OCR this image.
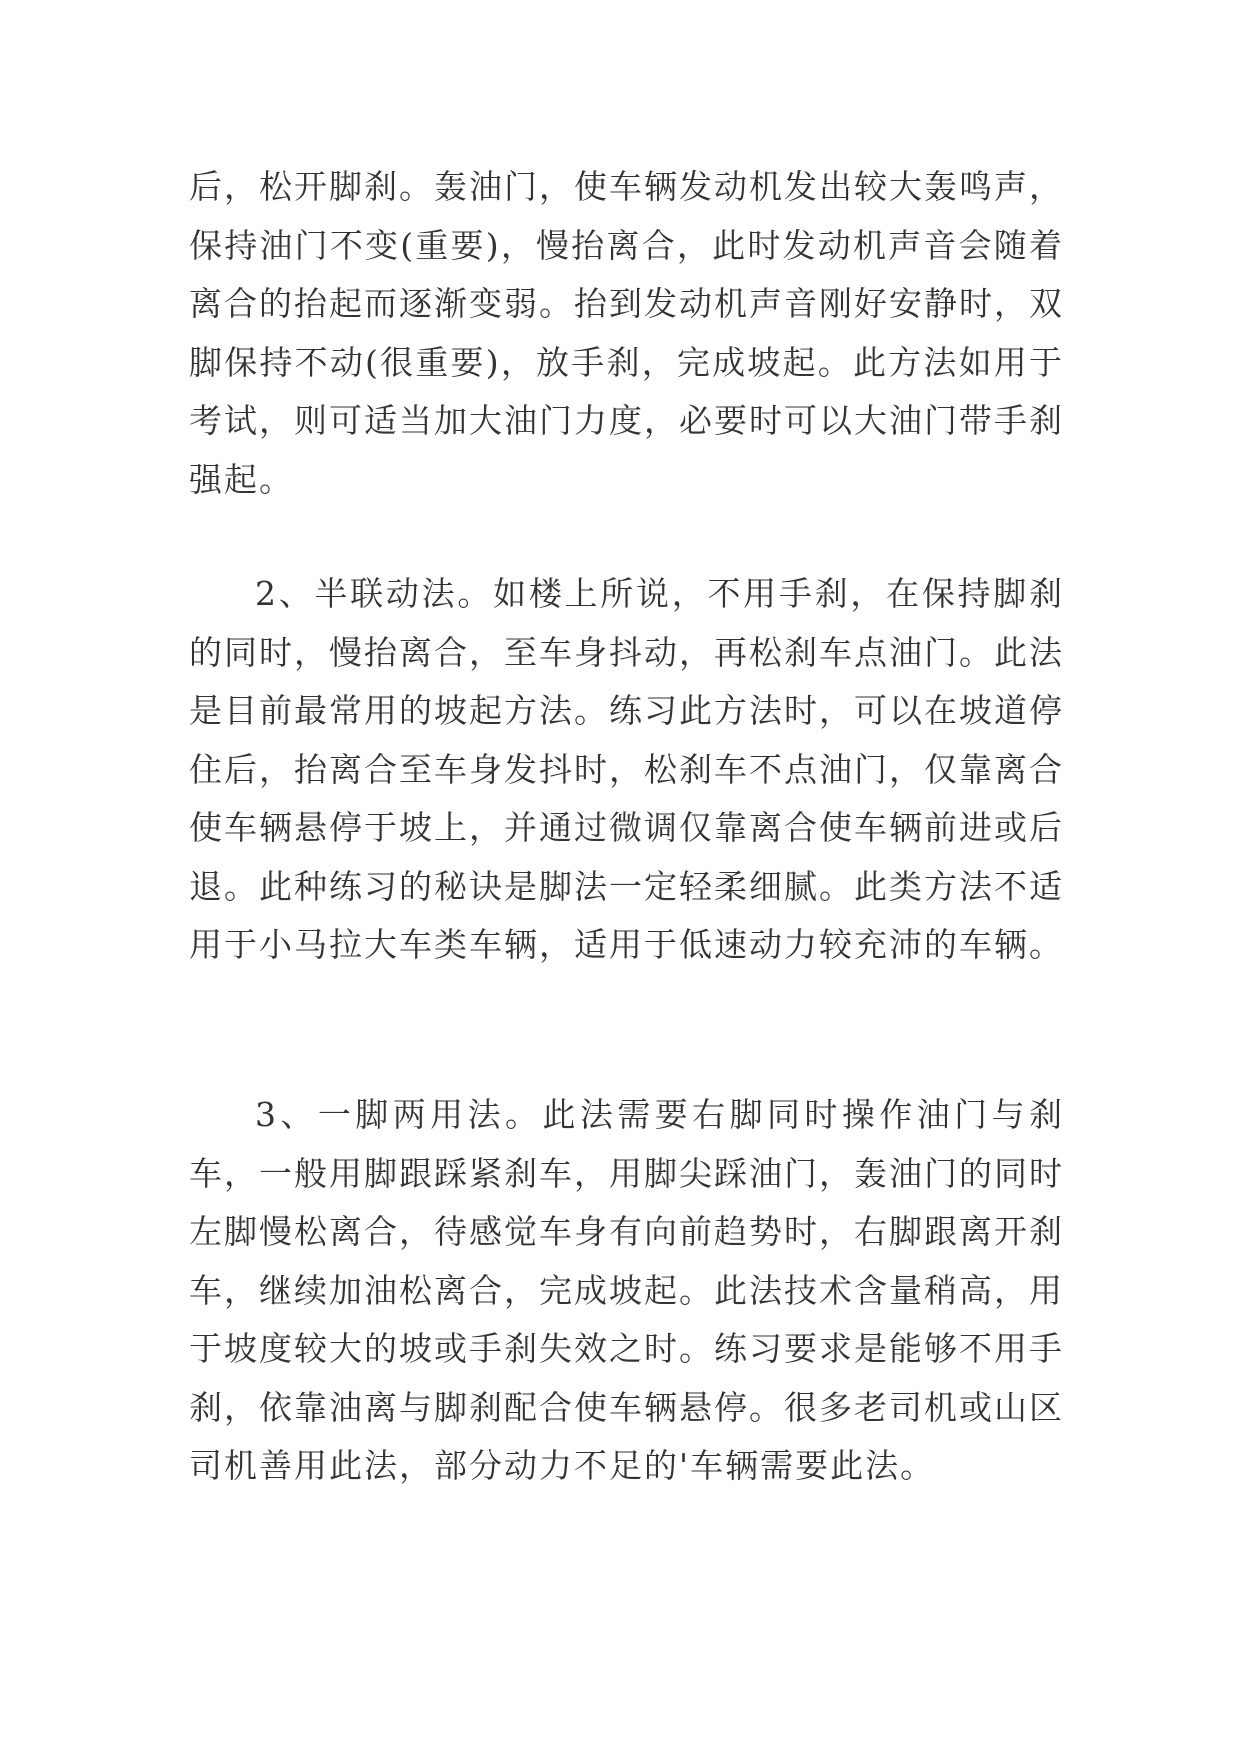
后，松开脚刹。轰油门，使车辆发动机发出较大轰鸣声，保持油门不变(重要)，慢抬离合，此时发动机声音会随着离合的抬起而逐渐变弱。抬到发动机声音刚好安静时，双脚保持不动(很重要)，放手刹，完成坡起。此方法如用于考试，则可适当加大油门力度，必要时可以大油门带手刹强起。

2、半联动法。如楼上所说，不用手刹，在保持脚刹的同时，慢抬离合，至车身抖动，再松刹车点油门。此法是目前最常用的坡起方法。练习此方法时，可以在坡道停住后，抬离合至车身发抖时，松刹车不点油门，仅靠离合使车辆悬停于坡上，并通过微调仅靠离合使车辆前进或后退。此种练习的秘诀是脚法一定轻柔细腻。此类方法不适用于小马拉大车类车辆，适用于低速动力较充沛的车辆。

3、一脚两用法。此法需要右脚同时操作油门与刹车，一般用脚跟踩紧刹车，用脚尖踩油门，轰油门的同时左脚慢松离合，待感觉车身有向前趋势时，右脚跟离开刹车，继续加油松离合，完成坡起。此法技术含量稍高，用于坡度较大的坡或手刹失效之时。练习要求是能够不用手刹，依靠油离与脚刹配合使车辆悬停。很多老司机或山区司机善用此法，部分动力不足的'车辆需要此法。
